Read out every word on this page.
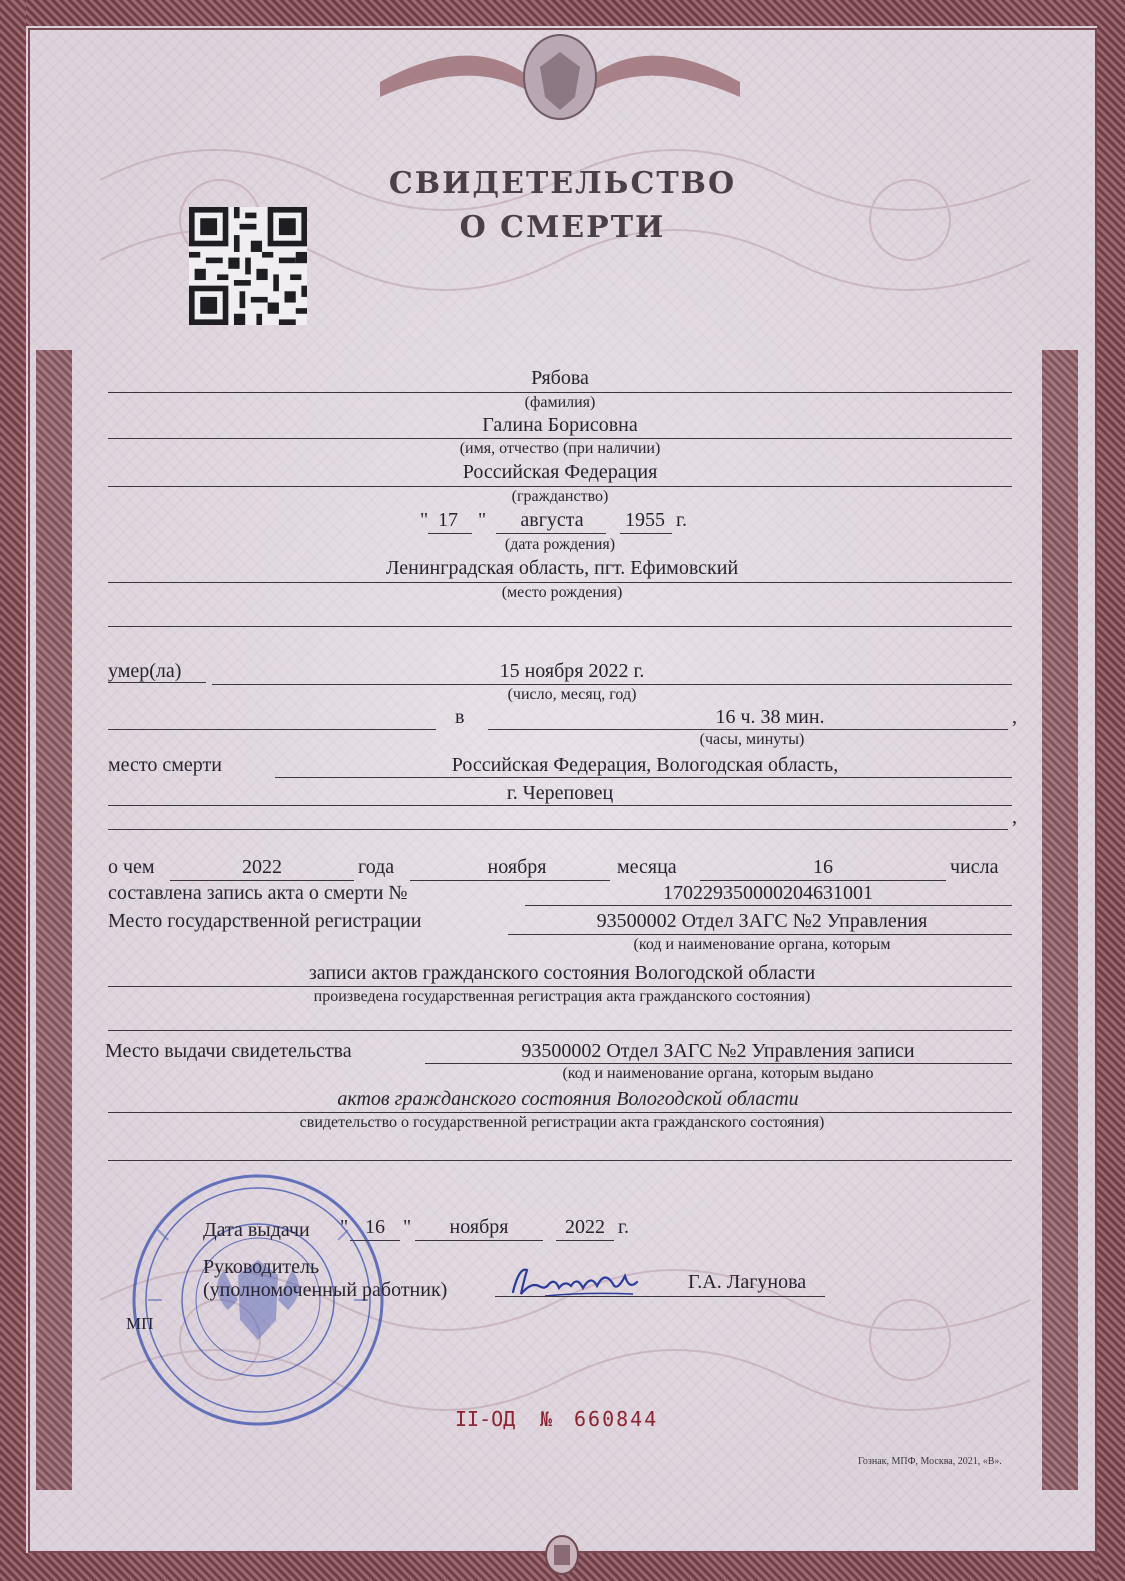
СВИДЕТЕЛЬСТВО
О СМЕРТИ
Рябова
(фамилия)
Галина Борисовна
(имя, отчество (при наличии)
Российская Федерация
(гражданство)
" 17 " августа 1955 г.
(дата рождения)
Ленинградская область, пгт. Ефимовский
(место рождения)
умер(ла)	15 ноября 2022 г.
(число, месяц, год)
в	16 ч. 38 мин.	,
(часы, минуты)
место смерти	Российская Федерация, Вологодская область,
г. Череповец
,
о чем	2022	года	ноября	месяца	16	числа
составлена запись акта о смерти №	170229350000204631001
Место государственной регистрации	93500002 Отдел ЗАГС №2 Управления
(код и наименование органа, которым
записи актов гражданского состояния Вологодской области
произведена государственная регистрация акта гражданского состояния)
Место выдачи свидетельства	93500002 Отдел ЗАГС №2 Управления записи
(код и наименование органа, которым выдано
актов гражданского состояния Вологодской области
свидетельство о государственной регистрации акта гражданского состояния)
Дата выдачи " 16 " ноября	2022 г.
Руководитель
(уполномоченный работник)	Г.А. Лагунова
МП
II-ОД № 660844
Гознак, МПФ, Москва, 2021, «В».
